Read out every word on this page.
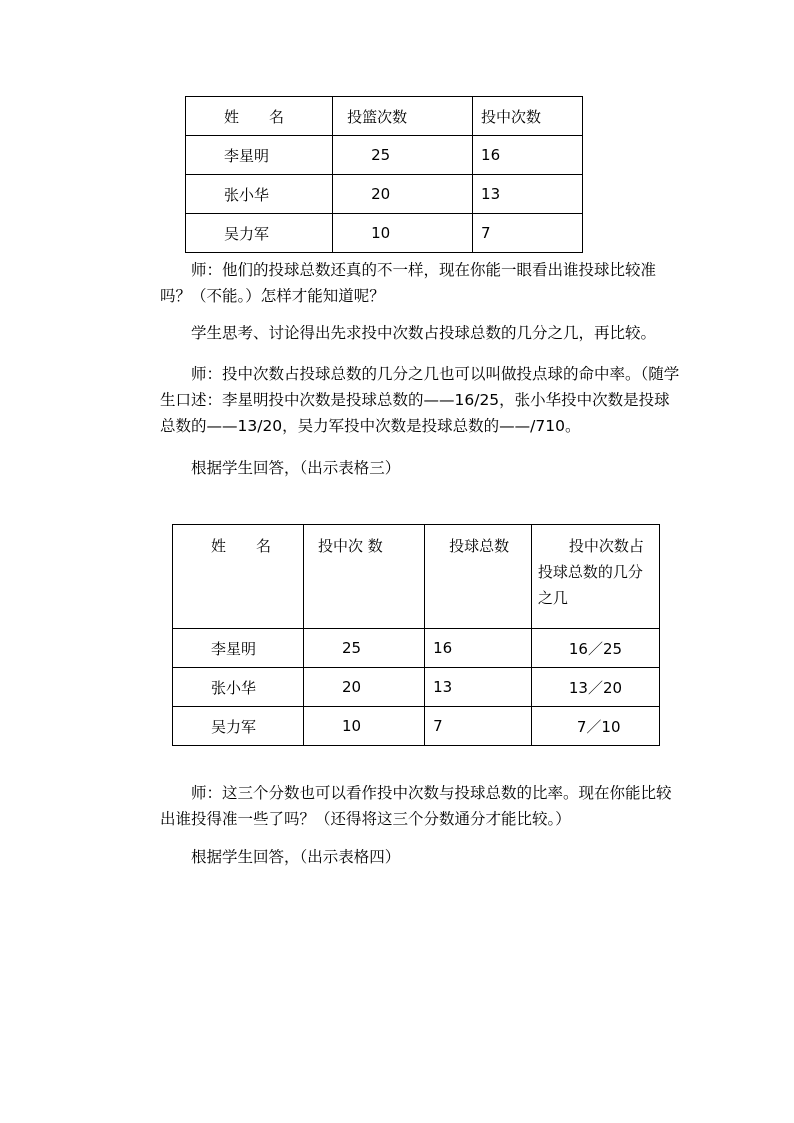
姓　　名	投篮次数	投中次数
李星明	25	16
张小华	20	13
吴力军	10	7
师：他们的投球总数还真的不一样，现在你能一眼看出谁投球比较准吗？（不能。）怎样才能知道呢？
学生思考、讨论得出先求投中次数占投球总数的几分之几，再比较。
师：投中次数占投球总数的几分之几也可以叫做投点球的命中率。（随学生口述：李星明投中次数是投球总数的——16/25，张小华投中次数是投球总数的——13/20，吴力军投中次数是投球总数的——/710。
根据学生回答，（出示表格三）
姓　　名	投中次 数	投球总数	投中次数占投球总数的几分之几
李星明	25	16	16／25
张小华	20	13	13／20
吴力军	10	7	7／10
师：这三个分数也可以看作投中次数与投球总数的比率。现在你能比较出谁投得准一些了吗？（还得将这三个分数通分才能比较。）
根据学生回答，（出示表格四）
